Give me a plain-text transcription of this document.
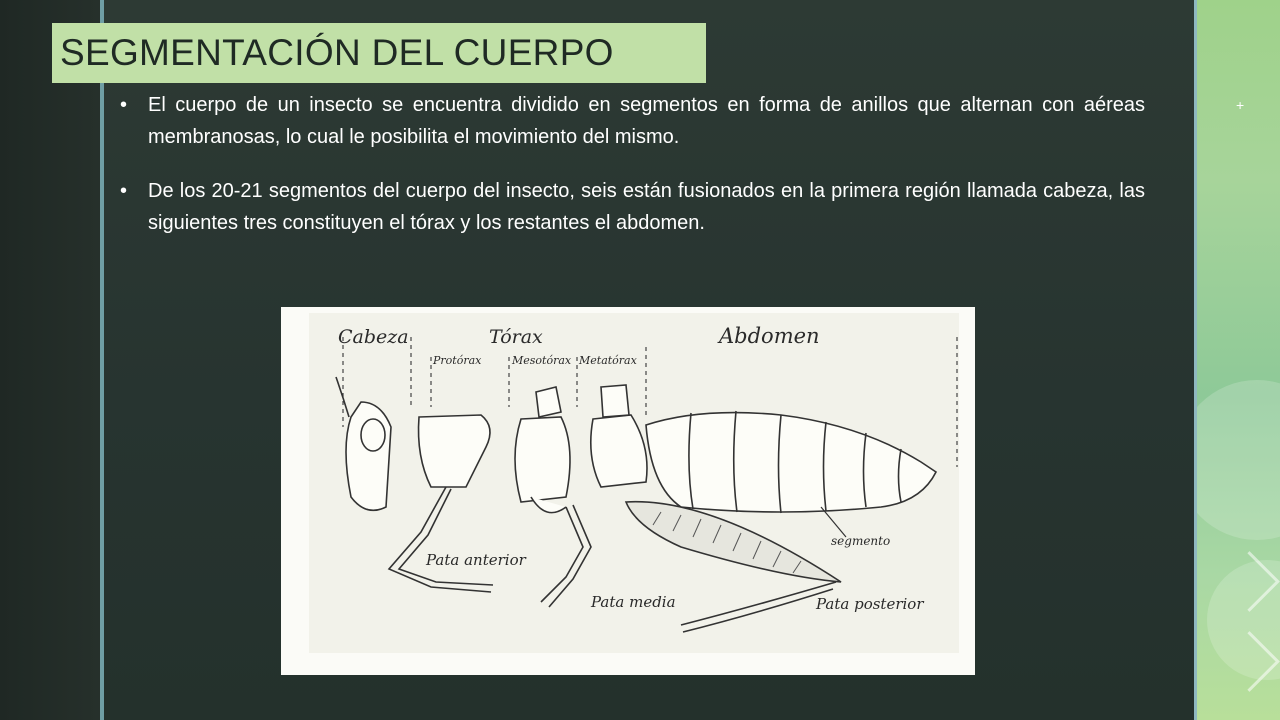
+
SEGMENTACIÓN DEL CUERPO
• El cuerpo de un insecto se encuentra dividido en segmentos en forma de anillos que alternan con aéreas membranosas, lo cual le posibilita el movimiento del mismo.
• De los 20-21 segmentos del cuerpo del insecto, seis están fusionados en la primera región llamada cabeza, las siguientes tres constituyen el tórax y los restantes el abdomen.
Cabeza	Tórax	Abdomen
Protórax	Mesotórax Metatórax
Pata anterior
Pata media	Pata posterior
segmento
